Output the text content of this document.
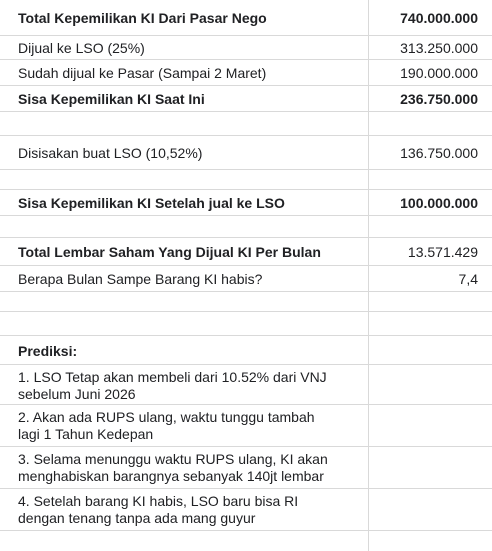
Total Kepemilikan KI Dari Pasar Nego	740.000.000
Dijual ke LSO (25%)	313.250.000
Sudah dijual ke Pasar (Sampai 2 Maret)	190.000.000
Sisa Kepemilikan KI Saat Ini	236.750.000
Disisakan buat LSO (10,52%)	136.750.000
Sisa Kepemilikan KI Setelah jual ke LSO	100.000.000
Total Lembar Saham Yang Dijual KI Per Bulan	13.571.429
Berapa Bulan Sampe Barang KI habis?	7,4
Prediksi:
1. LSO Tetap akan membeli dari 10.52% dari VNJ sebelum Juni 2026
2. Akan ada RUPS ulang, waktu tunggu tambah lagi 1 Tahun Kedepan
3. Selama menunggu waktu RUPS ulang, KI akan menghabiskan barangnya sebanyak 140jt lembar
4. Setelah barang KI habis, LSO baru bisa RI dengan tenang tanpa ada mang guyur
